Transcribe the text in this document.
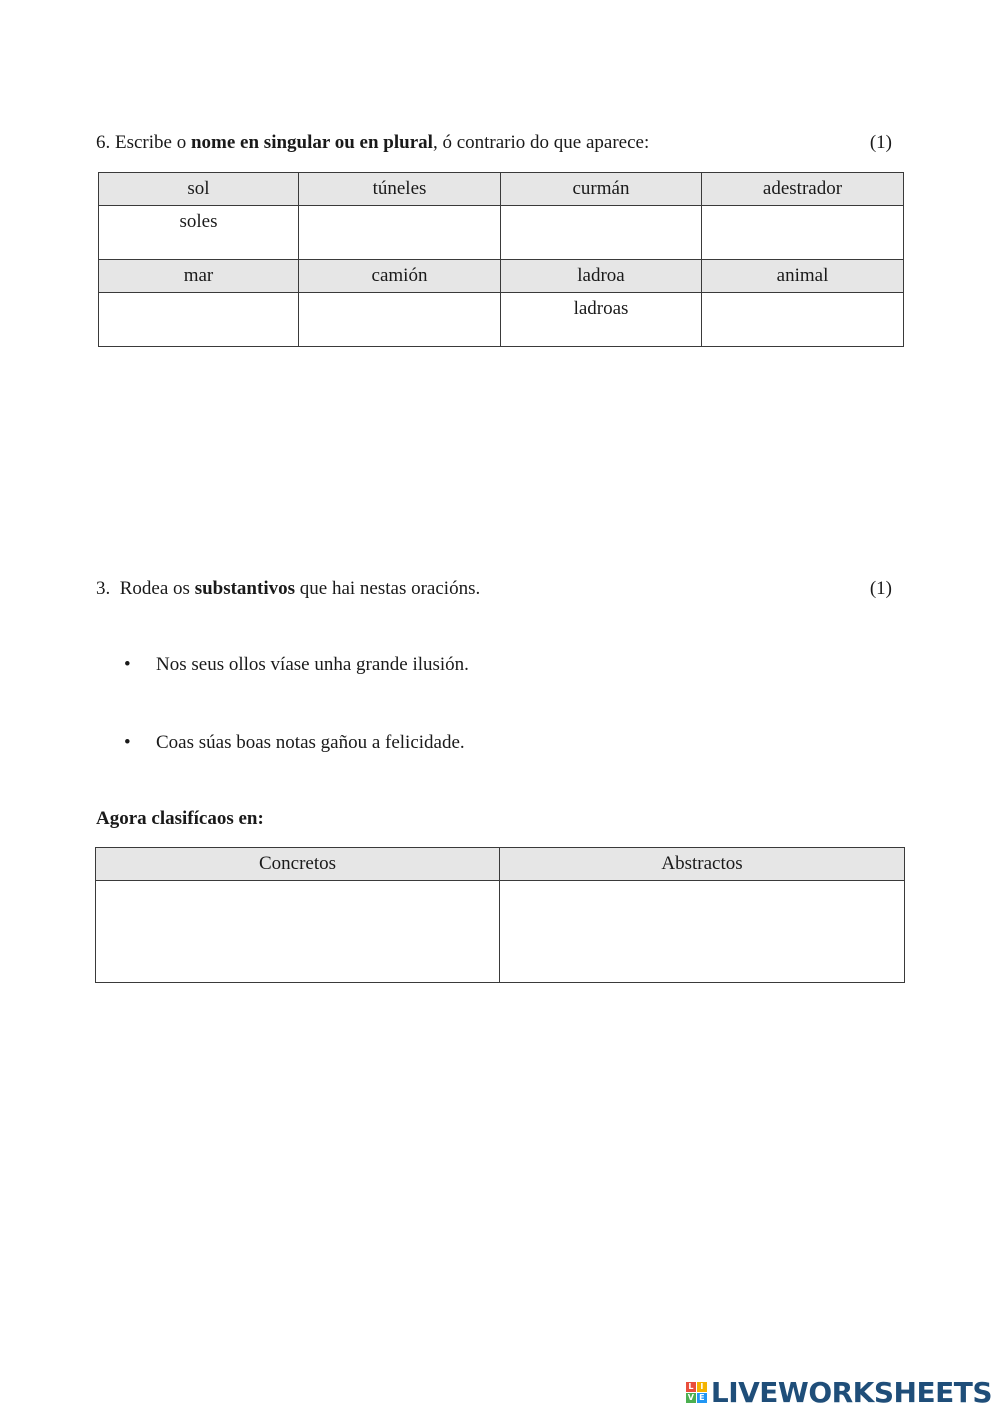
6. Escribe o nome en singular ou en plural, ó contrario do que aparece:	(1)
sol	túneles	curmán	adestrador
soles			
mar	camión	ladroa	animal
		ladroas	
3. Rodea os substantivos que hai nestas oracións.	(1)
• Nos seus ollos víase unha grande ilusión.
• Coas súas boas notas gañou a felicidade.
Agora clasifícaos en:
Concretos	Abstractos

L I
V E LIVEWORKSHEETS
